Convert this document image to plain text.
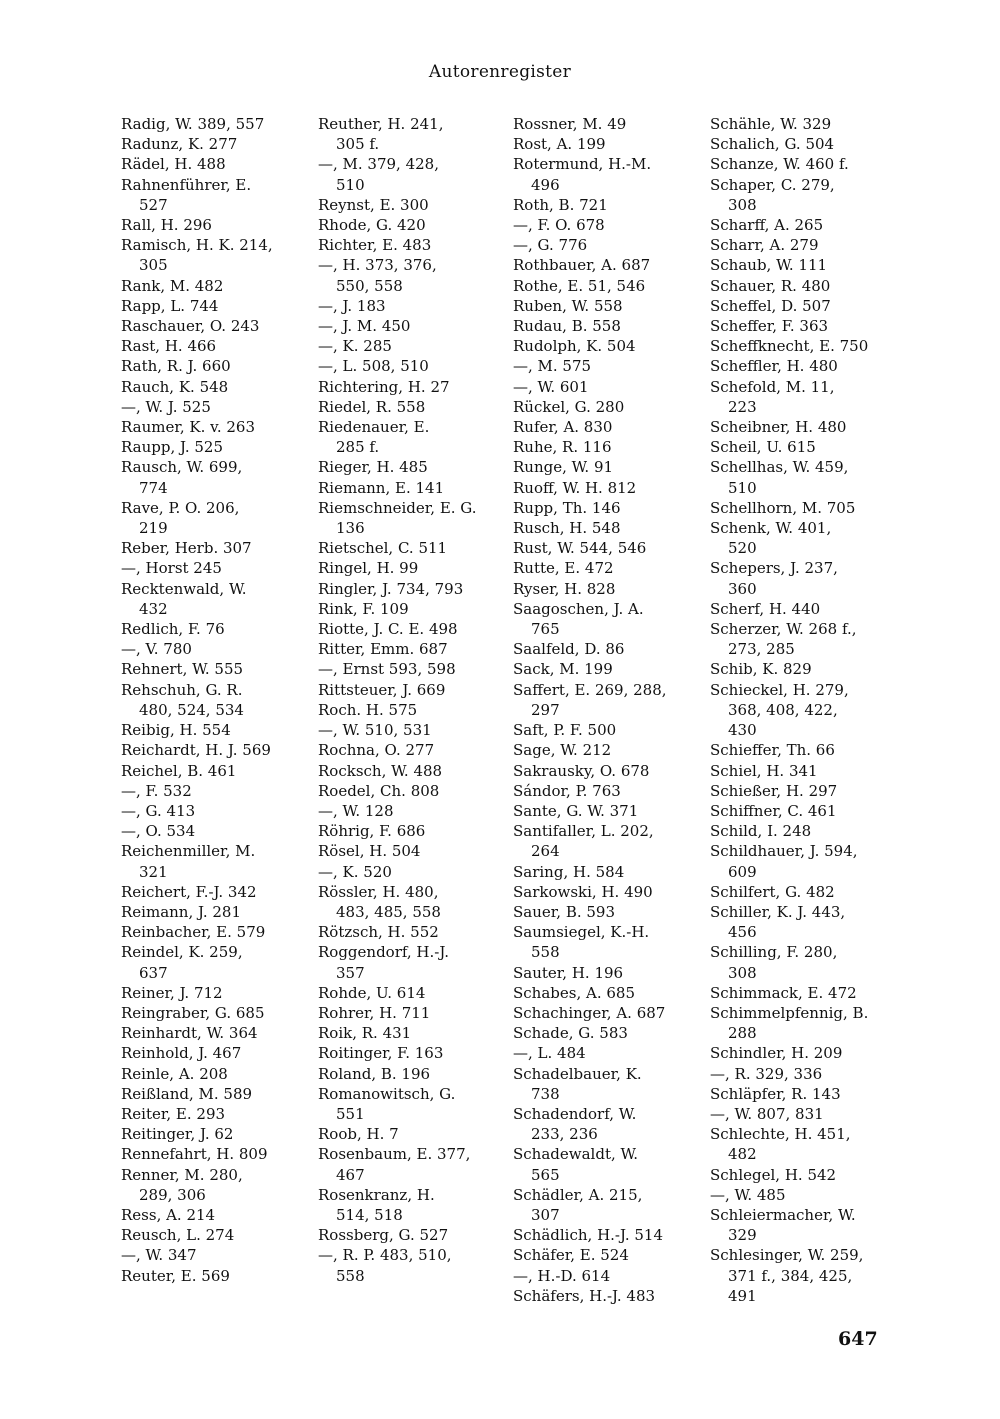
Autorenregister
Radig, W. 389, 557
Radunz, K. 277
Rädel, H. 488
Rahnenführer, E.
527
Rall, H. 296
Ramisch, H. K. 214,
305
Rank, M. 482
Rapp, L. 744
Raschauer, O. 243
Rast, H. 466
Rath, R. J. 660
Rauch, K. 548
—, W. J. 525
Raumer, K. v. 263
Raupp, J. 525
Rausch, W. 699,
774
Rave, P. O. 206,
219
Reber, Herb. 307
—, Horst 245
Recktenwald, W.
432
Redlich, F. 76
—, V. 780
Rehnert, W. 555
Rehschuh, G. R.
480, 524, 534
Reibig, H. 554
Reichardt, H. J. 569
Reichel, B. 461
—, F. 532
—, G. 413
—, O. 534
Reichenmiller, M.
321
Reichert, F.-J. 342
Reimann, J. 281
Reinbacher, E. 579
Reindel, K. 259,
637
Reiner, J. 712
Reingraber, G. 685
Reinhardt, W. 364
Reinhold, J. 467
Reinle, A. 208
Reißland, M. 589
Reiter, E. 293
Reitinger, J. 62
Rennefahrt, H. 809
Renner, M. 280,
289, 306
Ress, A. 214
Reusch, L. 274
—, W. 347
Reuter, E. 569
Reuther, H. 241,
305 f.
—, M. 379, 428,
510
Reynst, E. 300
Rhode, G. 420
Richter, E. 483
—, H. 373, 376,
550, 558
—, J. 183
—, J. M. 450
—, K. 285
—, L. 508, 510
Richtering, H. 27
Riedel, R. 558
Riedenauer, E.
285 f.
Rieger, H. 485
Riemann, E. 141
Riemschneider, E. G.
136
Rietschel, C. 511
Ringel, H. 99
Ringler, J. 734, 793
Rink, F. 109
Riotte, J. C. E. 498
Ritter, Emm. 687
—, Ernst 593, 598
Rittsteuer, J. 669
Roch. H. 575
—, W. 510, 531
Rochna, O. 277
Rocksch, W. 488
Roedel, Ch. 808
—, W. 128
Röhrig, F. 686
Rösel, H. 504
—, K. 520
Rössler, H. 480,
483, 485, 558
Rötzsch, H. 552
Roggendorf, H.-J.
357
Rohde, U. 614
Rohrer, H. 711
Roik, R. 431
Roitinger, F. 163
Roland, B. 196
Romanowitsch, G.
551
Roob, H. 7
Rosenbaum, E. 377,
467
Rosenkranz, H.
514, 518
Rossberg, G. 527
—, R. P. 483, 510,
558
Rossner, M. 49
Rost, A. 199
Rotermund, H.-M.
496
Roth, B. 721
—, F. O. 678
—, G. 776
Rothbauer, A. 687
Rothe, E. 51, 546
Ruben, W. 558
Rudau, B. 558
Rudolph, K. 504
—, M. 575
—, W. 601
Rückel, G. 280
Rufer, A. 830
Ruhe, R. 116
Runge, W. 91
Ruoff, W. H. 812
Rupp, Th. 146
Rusch, H. 548
Rust, W. 544, 546
Rutte, E. 472
Ryser, H. 828
Saagoschen, J. A.
765
Saalfeld, D. 86
Sack, M. 199
Saffert, E. 269, 288,
297
Saft, P. F. 500
Sage, W. 212
Sakrausky, O. 678
Sándor, P. 763
Sante, G. W. 371
Santifaller, L. 202,
264
Saring, H. 584
Sarkowski, H. 490
Sauer, B. 593
Saumsiegel, K.-H.
558
Sauter, H. 196
Schabes, A. 685
Schachinger, A. 687
Schade, G. 583
—, L. 484
Schadelbauer, K.
738
Schadendorf, W.
233, 236
Schadewaldt, W.
565
Schädler, A. 215,
307
Schädlich, H.-J. 514
Schäfer, E. 524
—, H.-D. 614
Schäfers, H.-J. 483
Schähle, W. 329
Schalich, G. 504
Schanze, W. 460 f.
Schaper, C. 279,
308
Scharff, A. 265
Scharr, A. 279
Schaub, W. 111
Schauer, R. 480
Scheffel, D. 507
Scheffer, F. 363
Scheffknecht, E. 750
Scheffler, H. 480
Schefold, M. 11,
223
Scheibner, H. 480
Scheil, U. 615
Schellhas, W. 459,
510
Schellhorn, M. 705
Schenk, W. 401,
520
Schepers, J. 237,
360
Scherf, H. 440
Scherzer, W. 268 f.,
273, 285
Schib, K. 829
Schieckel, H. 279,
368, 408, 422,
430
Schieffer, Th. 66
Schiel, H. 341
Schießer, H. 297
Schiffner, C. 461
Schild, I. 248
Schildhauer, J. 594,
609
Schilfert, G. 482
Schiller, K. J. 443,
456
Schilling, F. 280,
308
Schimmack, E. 472
Schimmelpfennig, B.
288
Schindler, H. 209
—, R. 329, 336
Schläpfer, R. 143
—, W. 807, 831
Schlechte, H. 451,
482
Schlegel, H. 542
—, W. 485
Schleiermacher, W.
329
Schlesinger, W. 259,
371 f., 384, 425,
491
647
